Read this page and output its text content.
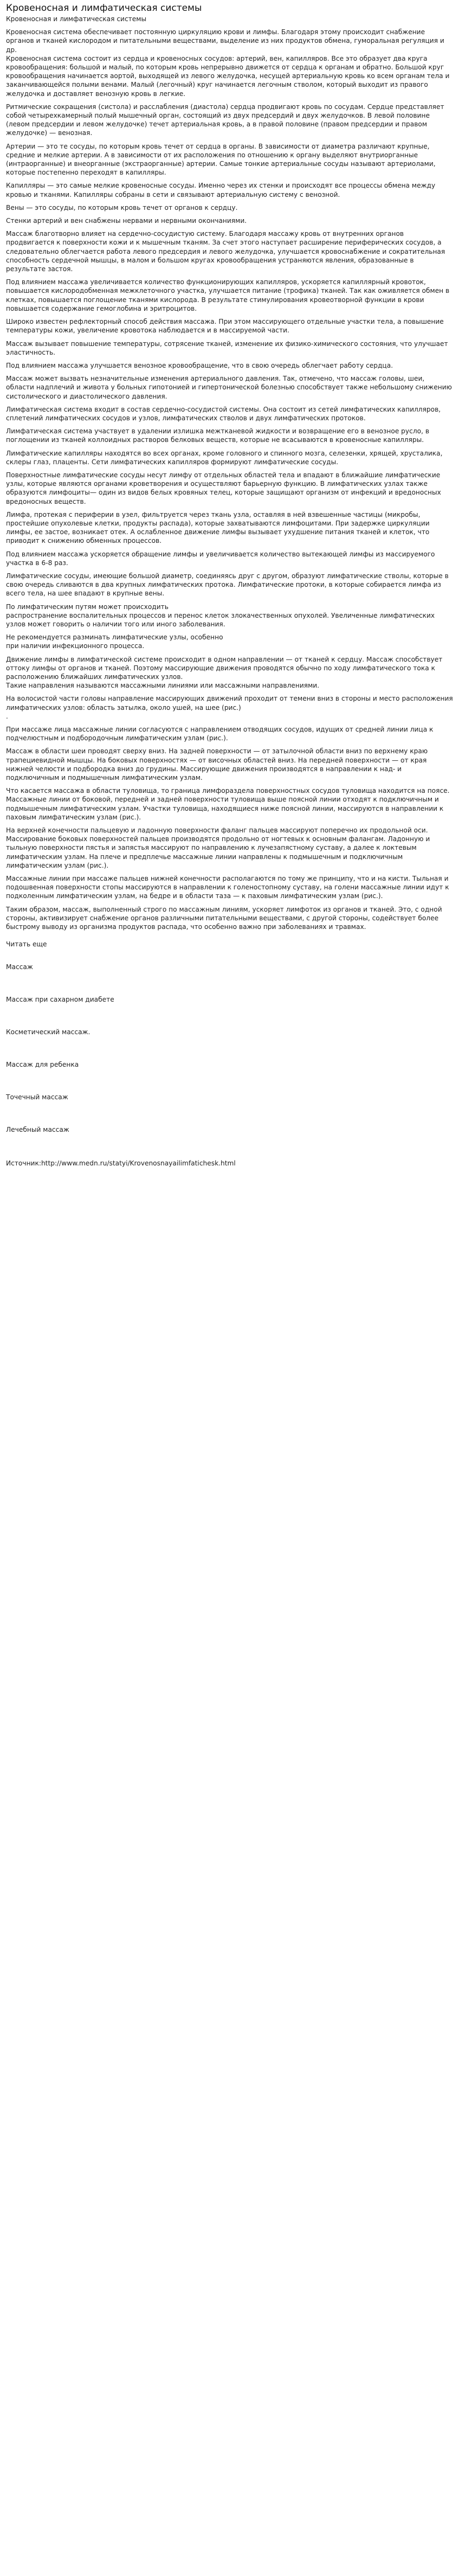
Кровеносная и лимфатическая системы
Кровеносная и лимфатическая системы

Кровеносная система обеспечивает постоянную циркуляцию крови и лимфы. Благодаря этому происходит снабжение органов и тканей кислородом и питательными веществами, выделение из них продуктов обмена, гуморальная регуляция и др.
Кровеносная система состоит из сердца и кровеносных сосудов: артерий, вен, капилляров. Все это образует два круга кровообращения: большой и малый, по которым кровь непрерывно движется от сердца к органам и обратно. Большой круг кровообращения начинается аортой, выходящей из левого желудочка, несущей артериальную кровь ко всем органам тела и заканчивающейся полыми венами. Малый (легочный) круг начинается легочным стволом, который выходит из правого желудочка и доставляет венозную кровь в легкие.

Ритмические сокращения (систола) и расслабления (диастола) сердца продвигают кровь по сосудам. Сердце представляет собой четырехкамерный полый мышечный орган, состоящий из двух предсердий и двух желудочков. В левой половине (левом предсердии и левом желудочке) течет артериальная кровь, а в правой половине (правом предсердии и правом желудочке) — венозная.

Артерии — это те сосуды, по которым кровь течет от сердца в органы. В зависимости от диаметра различают крупные, средние и мелкие артерии. А в зависимости от их расположения по отношению к органу выделяют внутриорганные (интраорганные) и внеорганные (экстраорганные) артерии. Самые тонкие артериальные сосуды называют артериолами, которые постепенно переходят в капилляры.

Капилляры — это самые мелкие кровеносные сосуды. Именно через их стенки и происходят все процессы обмена между кровью и тканями. Капилляры собраны в сети и связывают артериальную систему с венозной.

Вены — это сосуды, по которым кровь течет от органов к сердцу.

Стенки артерий и вен снабжены нервами и нервными окончаниями.

Массаж благотворно влияет на сердечно-сосудистую систему. Благодаря массажу кровь от внутренних органов продвигается к поверхности кожи и к мышечным тканям. За счет этого наступает расширение периферических сосудов, а следовательно облегчается работа левого предсердия и левого желудочка, улучшается кровоснабжение и сократительная способность сердечной мышцы, в малом и большом кругах кровообращения устраняются явления, образованные в результате застоя.

Под влиянием массажа увеличивается количество функционирующих капилляров, ускоряется капиллярный кровоток, повышается кислородобменная межклеточного участка, улучшается питание (трофика) тканей. Так как оживляется обмен в клетках, повышается поглощение тканями кислорода. В результате стимулирования кровеотворной функции в крови повышается содержание гемоглобина и эритроцитов.

Широко известен рефлекторный способ действия массажа. При этом массирующего отдельные участки тела, а повышение температуры кожи, увеличение кровотока наблюдается и в массируемой части.

Массаж вызывает повышение температуры, сотрясение тканей, изменение их физико-химического состояния, что улучшает эластичность.

Под влиянием массажа улучшается венозное кровообращение, что в свою очередь облегчает работу сердца.

Массаж может вызвать незначительные изменения артериального давления. Так, отмечено, что массаж головы, шеи, области надплечий и живота у больных гипотонией и гипертонической болезнью способствует также небольшому снижению систолического и диастолического давления.

Лимфатическая система входит в состав сердечно-сосудистой системы. Она состоит из сетей лимфатических капилляров, сплетений лимфатических сосудов и узлов, лимфатических стволов и двух лимфатических протоков.

Лимфатическая система участвует в удалении излишка межтканевой жидкости и возвращение его в венозное русло, в поглощении из тканей коллоидных растворов белковых веществ, которые не всасываются в кровеносные капилляры.

Лимфатические капилляры находятся во всех органах, кроме головного и спинного мозга, селезенки, хрящей, хрусталика, склеры глаз, плаценты. Сети лимфатических капилляров формируют лимфатические сосуды.

Поверхностные лимфатические сосуды несут лимфу от отдельных областей тела и впадают в ближайшие лимфатические узлы, которые являются органами кроветворения и осуществляют барьерную функцию. В лимфатических узлах также образуются лимфоциты— один из видов белых кровяных телец, которые защищают организм от инфекций и вредоносных вредоносных веществ.

Лимфа, протекая с периферии в узел, фильтруется через ткань узла, оставляя в ней взвешенные частицы (микробы, простейшие опухолевые клетки, продукты распада), которые захватываются лимфоцитами. При задержке циркуляции лимфы, ее застое, возникает отек. А ослабленное движение лимфы вызывает ухудшение питания тканей и клеток, что приводит к снижению обменных процессов.

Под влиянием массажа ускоряется обращение лимфы и увеличивается количество вытекающей лимфы из массируемого участка в 6-8 раз.

Лимфатические сосуды, имеющие большой диаметр, соединяясь друг с другом, образуют лимфатические стволы, которые в свою очередь сливаются в два крупных лимфатических протока. Лимфатические протоки, в которые собирается лимфа из всего тела, на шее впадают в крупные вены.

По лимфатическим путям может происходить
распространение воспалительных процессов и перенос клеток злокачественных опухолей. Увеличенные лимфатических узлов может говорить о наличии того или иного заболевания.

Не рекомендуется разминать лимфатические узлы, особенно
при наличии инфекционного процесса.

Движение лимфы в лимфатической системе происходит в одном направлении — от тканей к сердцу. Массаж способствует оттоку лимфы от органов и тканей. Поэтому массирующие движения проводятся обычно по ходу лимфатического тока к расположению ближайших лимфатических узлов.
Такие направления называются массажными линиями или массажными направлениями.

На волосистой части головы направление массирующих движений проходит от темени вниз в стороны и место расположения лимфатических узлов: область затылка, около ушей, на шее (рис.)
.

При массаже лица массажные линии согласуются с направлением отводящих сосудов, идущих от средней линии лица к подчелюстным и подбородочным лимфатическим узлам (рис.).

Массаж в области шеи проводят сверху вниз. На задней поверхности — от затылочной области вниз по верхнему краю трапециевидной мышцы. На боковых поверхностях — от височных областей вниз. На передней поверхности — от края нижней челюсти и подбородка вниз до грудины. Массирующие движения производятся в направлении к над- и подключичным и подмышечным лимфатическим узлам.

Что касается массажа в области туловища, то граница лимфораздела поверхностных сосудов туловища находится на поясе. Массажные линии от боковой, передней и задней поверхности туловища выше поясной линии отходят к подключичным и подмышечным лимфатическим узлам. Участки туловища, находящиеся ниже поясной линии, массируются в направлении к паховым лимфатическим узлам (рис.).

На верхней конечности пальцевую и ладонную поверхности фаланг пальцев массируют поперечно их продольной оси. Массирование боковых поверхностей пальцев производятся продольно от ногтевых к основным фалангам. Ладонную и тыльную поверхности пястья и запястья массируют по направлению к лучезапястному суставу, а далее к локтевым лимфатическим узлам. На плече и предплечье массажные линии направлены к подмышечным и подключичным лимфатическим узлам (рис.).

Массажные линии при массаже пальцев нижней конечности располагаются по тому же принципу, что и на кисти. Тыльная и подошвенная поверхности стопы массируются в направлении к голеностопному суставу, на голени массажные линии идут к подколенным лимфатическим узлам, на бедре и в области таза — к паховым лимфатическим узлам (рис.).

Таким образом, массаж, выполненный строго по массажным линиям, ускоряет лимфоток из органов и тканей. Это, с одной стороны, активизирует снабжение органов различными питательными веществами, с другой стороны, содействует более быстрому выводу из организма продуктов распада, что особенно важно при заболеваниях и травмах.

Читать еще
Массаж
Массаж при сахарном диабете
Косметический массаж.
Массаж для ребенка
Точечный массаж
Лечебный массаж
Источник:http://www.medn.ru/statyi/Krovenosnayailimfatichesk.html
